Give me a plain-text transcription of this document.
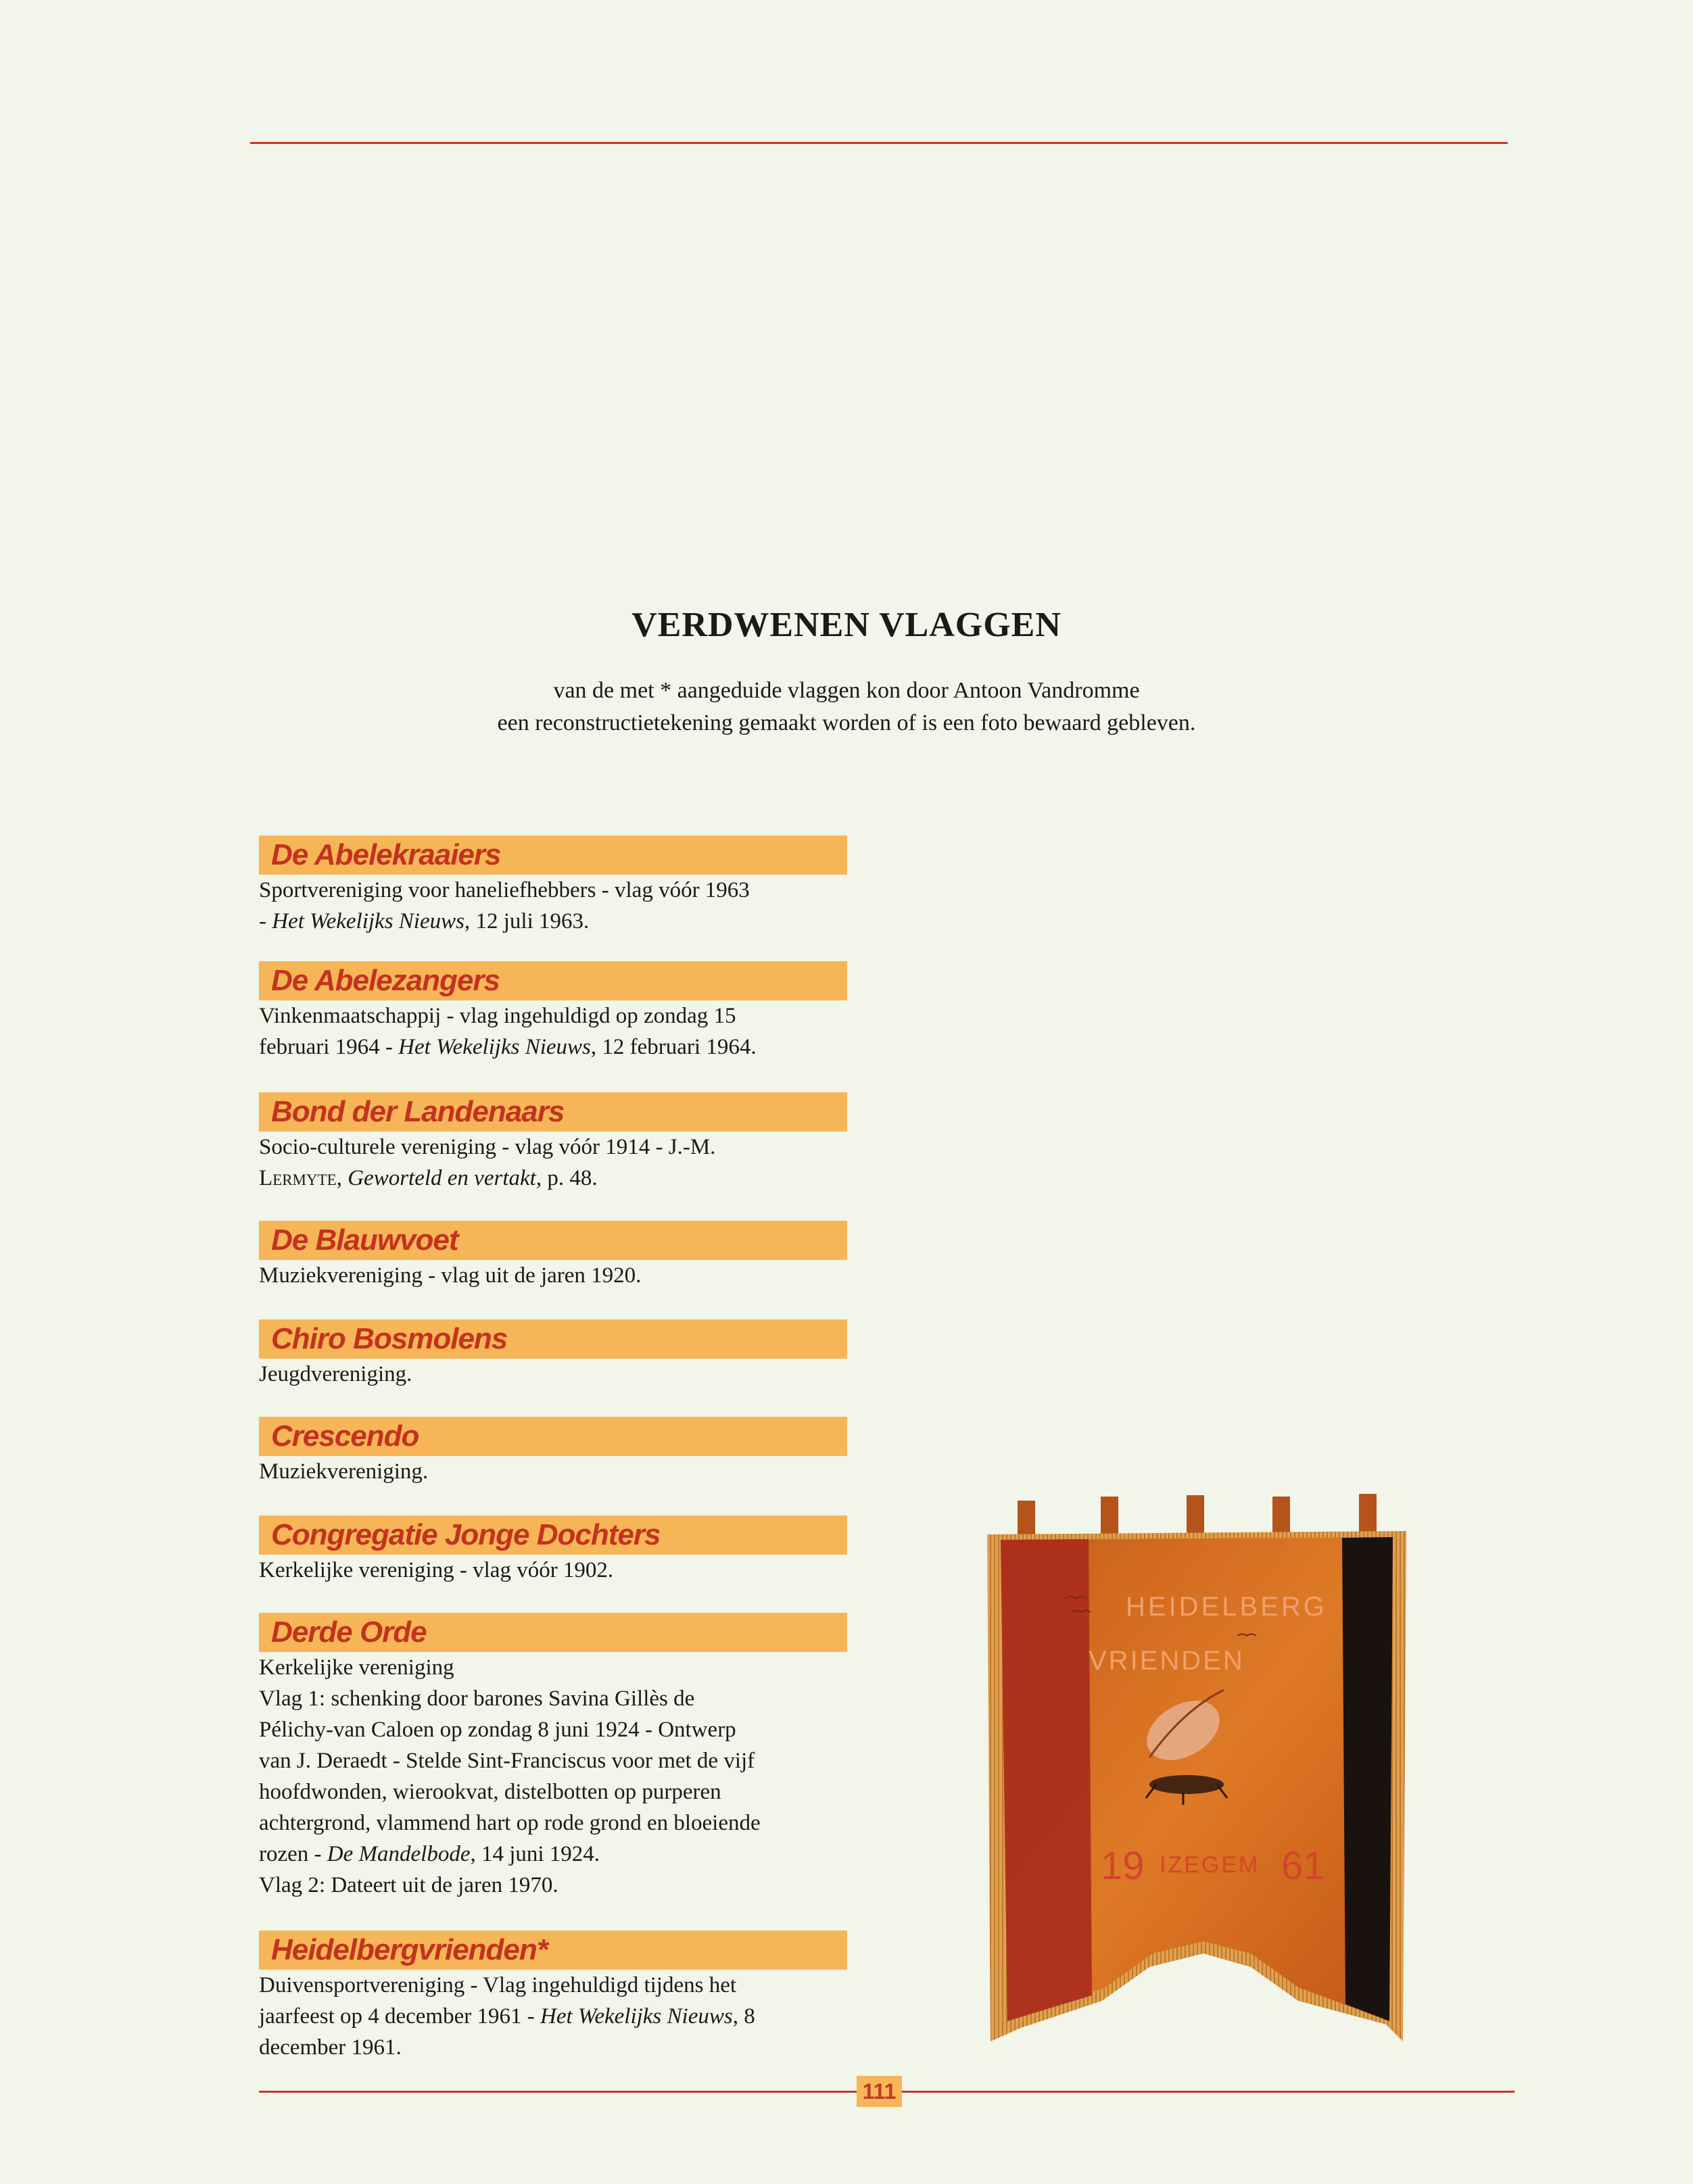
VERDWENEN VLAGGEN
van de met * aangeduide vlaggen kon door Antoon Vandromme
een reconstructietekening gemaakt worden of is een foto bewaard gebleven.
De Abelekraaiers

Sportvereniging voor haneliefhebbers - vlag vóór 1963

- Het Wekelijks Nieuws, 12 juli 1963.

De Abelezangers

Vinkenmaatschappij - vlag ingehuldigd op zondag 15

februari 1964 - Het Wekelijks Nieuws, 12 februari 1964.

Bond der Landenaars

Socio-culturele vereniging - vlag vóór 1914 - J.-M.

Lermyte, Geworteld en vertakt, p. 48.

De Blauwvoet

Muziekvereniging - vlag uit de jaren 1920.

Chiro Bosmolens

Jeugdvereniging.

Crescendo

Muziekvereniging.

Congregatie Jonge Dochters

Kerkelijke vereniging - vlag vóór 1902.

Derde Orde

Kerkelijke vereniging

Vlag 1: schenking door barones Savina Gillès de

Pélichy-van Caloen op zondag 8 juni 1924 - Ontwerp

van J. Deraedt - Stelde Sint-Franciscus voor met de vijf

hoofdwonden, wierookvat, distelbotten op purperen

achtergrond, vlammend hart op rode grond en bloeiende

rozen - De Mandelbode, 14 juni 1924.

Vlag 2: Dateert uit de jaren 1970.

Heidelbergvrienden*

Duivensportvereniging - Vlag ingehuldigd tijdens het

jaarfeest op 4 december 1961 - Het Wekelijks Nieuws, 8

december 1961.

HEIDELBERG
VRIENDEN
19 IZEGEM 61
111
